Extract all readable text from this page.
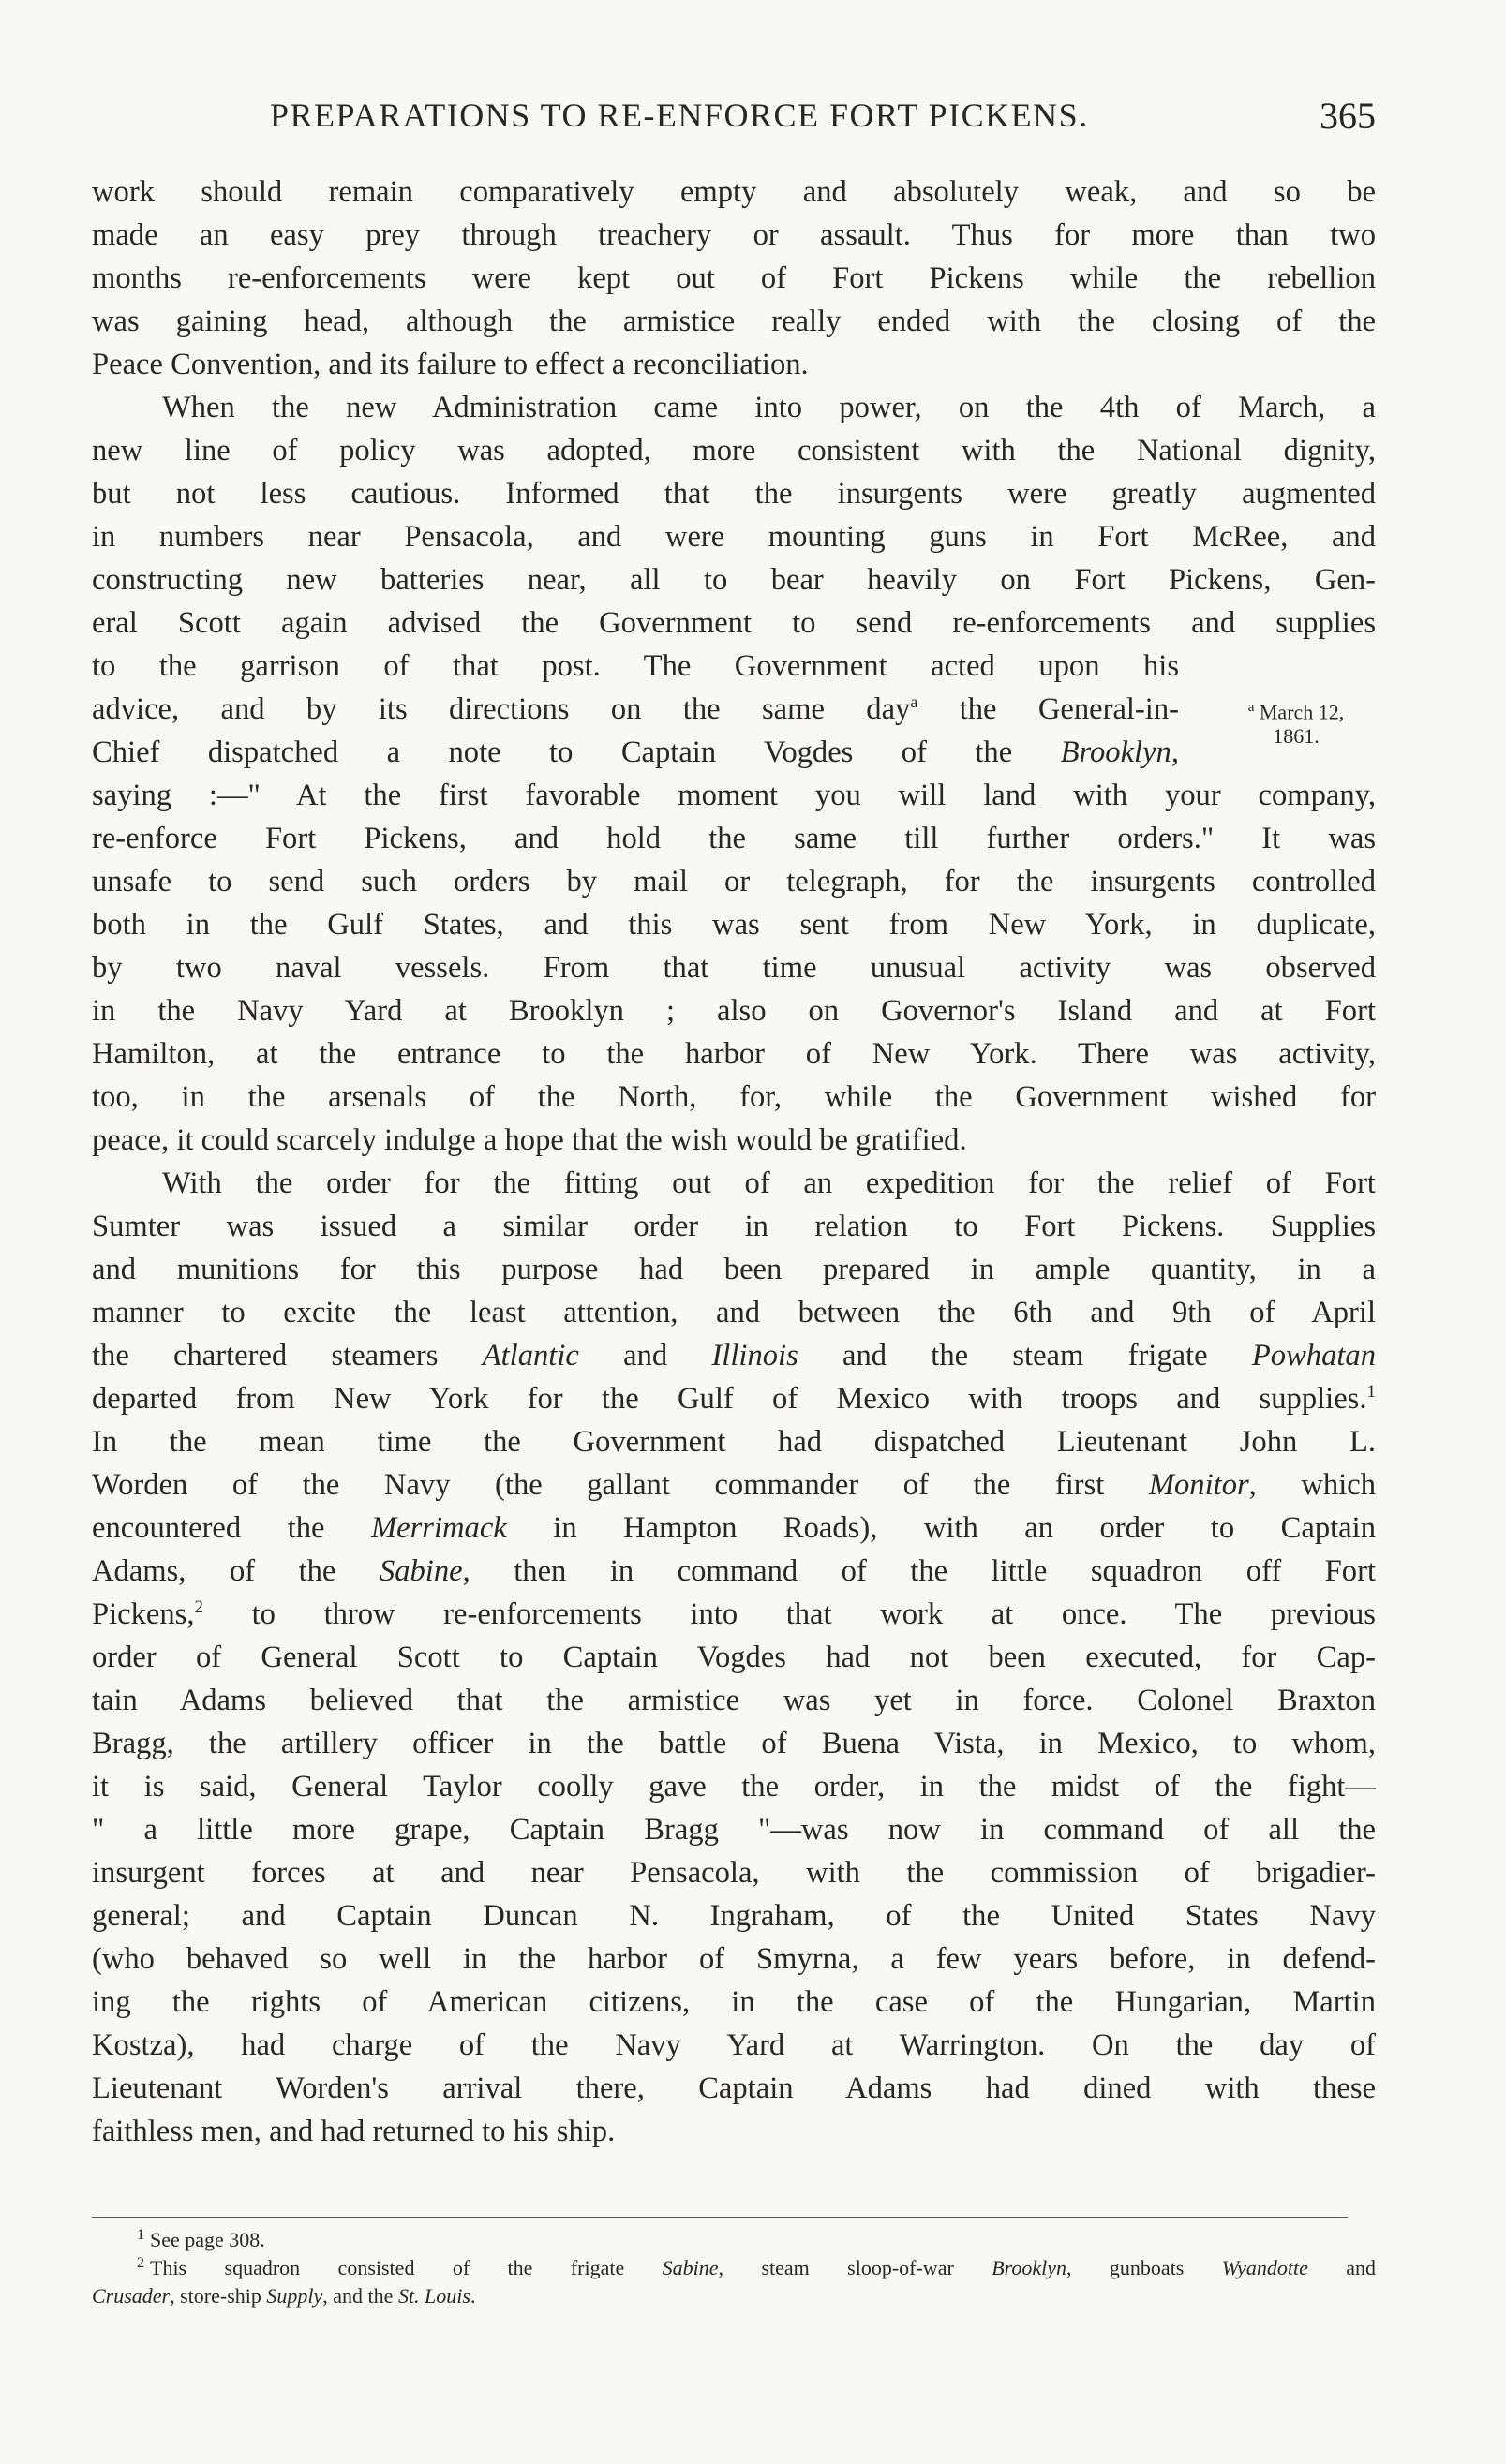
PREPARATIONS TO RE-ENFORCE FORT PICKENS.	365
$^a$ March 12,
1861.
work should remain comparatively empty and absolutely weak, and so be
made an easy prey through treachery or assault. Thus for more than two
months re-enforcements were kept out of Fort Pickens while the rebellion
was gaining head, although the armistice really ended with the closing of the
Peace Convention, and its failure to effect a reconciliation.
When the new Administration came into power, on the 4th of March, a
new line of policy was adopted, more consistent with the National dignity,
but not less cautious. Informed that the insurgents were greatly augmented
in numbers near Pensacola, and were mounting guns in Fort McRee, and
constructing new batteries near, all to bear heavily on Fort Pickens, Gen-
eral Scott again advised the Government to send re-enforcements and supplies
to the garrison of that post. The Government acted upon his
advice, and by its directions on the same day$^a$ the General-in-
Chief dispatched a note to Captain Vogdes of the Brooklyn,
saying :—" At the first favorable moment you will land with your company,
re-enforce Fort Pickens, and hold the same till further orders." It was
unsafe to send such orders by mail or telegraph, for the insurgents controlled
both in the Gulf States, and this was sent from New York, in duplicate,
by two naval vessels. From that time unusual activity was observed
in the Navy Yard at Brooklyn ; also on Governor's Island and at Fort
Hamilton, at the entrance to the harbor of New York. There was activity,
too, in the arsenals of the North, for, while the Government wished for
peace, it could scarcely indulge a hope that the wish would be gratified.
With the order for the fitting out of an expedition for the relief of Fort
Sumter was issued a similar order in relation to Fort Pickens. Supplies
and munitions for this purpose had been prepared in ample quantity, in a
manner to excite the least attention, and between the 6th and 9th of April
the chartered steamers Atlantic and Illinois and the steam frigate Powhatan
departed from New York for the Gulf of Mexico with troops and supplies.$^1$
In the mean time the Government had dispatched Lieutenant John L.
Worden of the Navy (the gallant commander of the first Monitor, which
encountered the Merrimack in Hampton Roads), with an order to Captain
Adams, of the Sabine, then in command of the little squadron off Fort
Pickens,$^2$ to throw re-enforcements into that work at once. The previous
order of General Scott to Captain Vogdes had not been executed, for Cap-
tain Adams believed that the armistice was yet in force. Colonel Braxton
Bragg, the artillery officer in the battle of Buena Vista, in Mexico, to whom,
it is said, General Taylor coolly gave the order, in the midst of the fight—
" a little more grape, Captain Bragg "—was now in command of all the
insurgent forces at and near Pensacola, with the commission of brigadier-
general; and Captain Duncan N. Ingraham, of the United States Navy
(who behaved so well in the harbor of Smyrna, a few years before, in defend-
ing the rights of American citizens, in the case of the Hungarian, Martin
Kostza), had charge of the Navy Yard at Warrington. On the day of
Lieutenant Worden's arrival there, Captain Adams had dined with these
faithless men, and had returned to his ship.
$^1$ See page 308.
$^2$ This squadron consisted of the frigate Sabine, steam sloop-of-war Brooklyn, gunboats Wyandotte and
Crusader, store-ship Supply, and the St. Louis.
